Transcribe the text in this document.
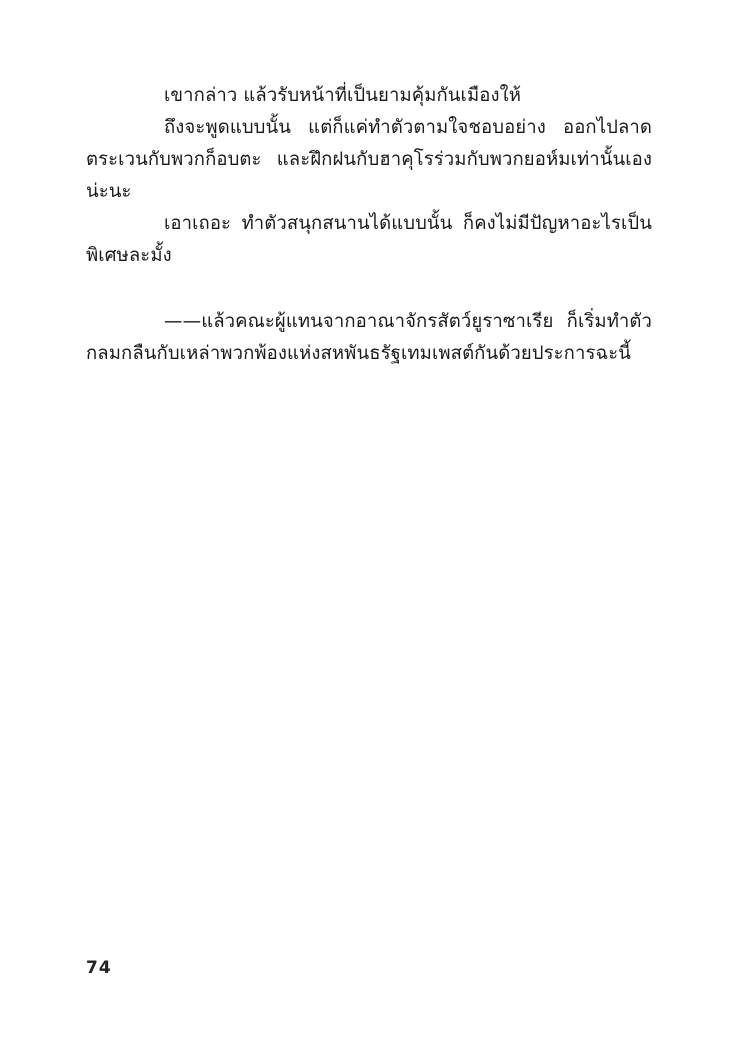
เขากล่าว แล้วรับหน้าที่เป็นยามคุ้มกันเมืองให้

ถึงจะพูดแบบนั้น แต่ก็แค่ทำตัวตามใจชอบอย่าง ออกไปลาดตระเวนกับพวกก็อบตะ และฝึกฝนกับฮาคุโรร่วมกับพวกยอห์มเท่านั้นเองน่ะนะ

เอาเถอะ ทำตัวสนุกสนานได้แบบนั้น ก็คงไม่มีปัญหาอะไรเป็นพิเศษละมั้ง

——แล้วคณะผู้แทนจากอาณาจักรสัตว์ยูราซาเรีย ก็เริ่มทำตัวกลมกลืนกับเหล่าพวกพ้องแห่งสหพันธรัฐเทมเพสต์กันด้วยประการฉะนี้

74
